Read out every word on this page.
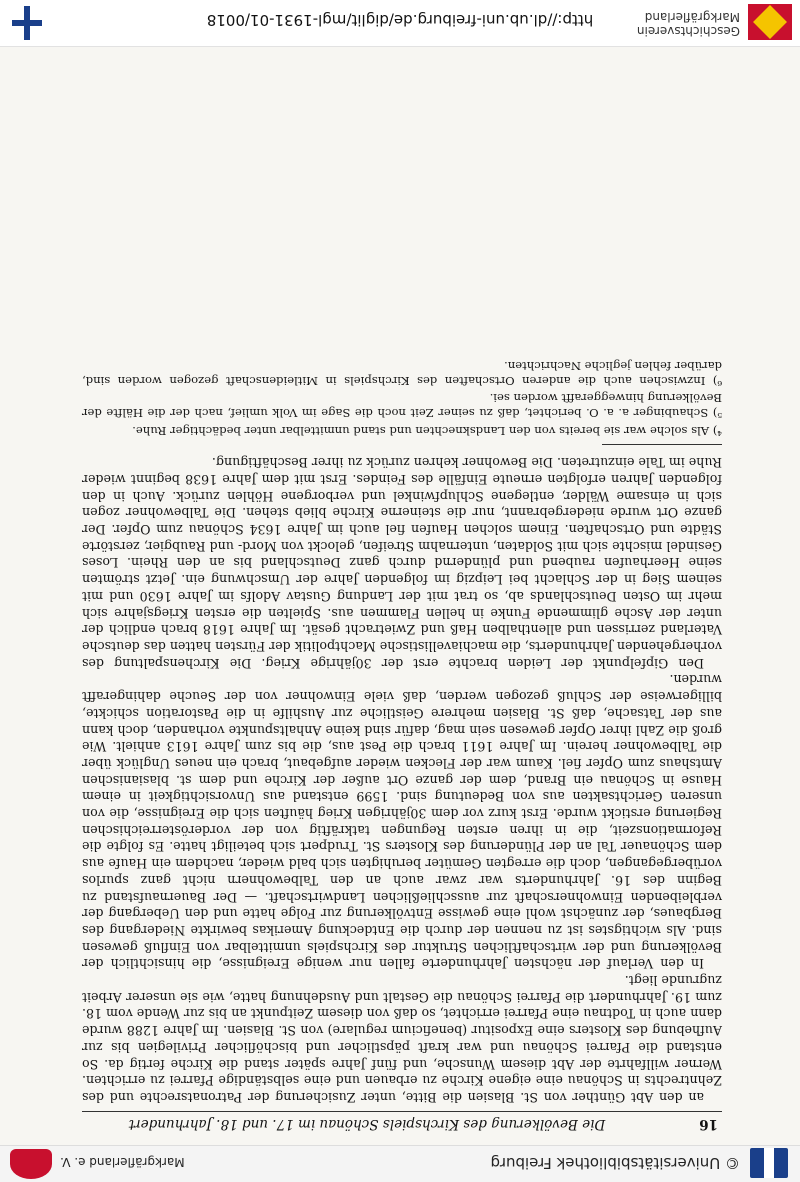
© Universitätsbibliothek Freiburg
Markgräflerland e. V.
16
Die Bevölkerung des Kirchspiels Schönau im 17. und 18. Jahrhundert

an den Abt Günther von St. Blasien die Bitte, unter Zusicherung der Patronatsrechte und des Zehntrechts in Schönau eine eigene Kirche zu erbauen und eine selbständige Pfarrei zu errichten. Werner willfahrte der Abt diesem Wunsche, und fünf Jahre später stand die Kirche fertig da. So entstand die Pfarrei Schönau und war kraft päpstlicher und bischöflicher Privilegien bis zur Aufhebung des Klosters eine Expositur (beneficium regulare) von St. Blasien. Im Jahre 1288 wurde dann auch in Todtnau eine Pfarrei errichtet, so daß von diesem Zeitpunkt an bis zur Wende vom 18. zum 19. Jahrhundert die Pfarrei Schönau die Gestalt und Ausdehnung hatte, wie sie unserer Arbeit zugrunde liegt.

In den Verlauf der nächsten Jahrhunderte fallen nur wenige Ereignisse, die hinsichtlich der Bevölkerung und der wirtschaftlichen Struktur des Kirchspiels unmittelbar von Einfluß gewesen sind. Als wichtigstes ist zu nennen der durch die Entdeckung Amerikas bewirkte Niedergang des Bergbaues, der zunächst wohl eine gewisse Entvölkerung zur Folge hatte und den Uebergang der verbleibenden Einwohnerschaft zur ausschließlichen Landwirtschaft. — Der Bauernaufstand zu Beginn des 16. Jahrhunderts war zwar auch an den Talbewohnern nicht ganz spurlos vorübergegangen, doch die erregten Gemüter beruhigten sich bald wieder, nachdem ein Haufe aus dem Schönauer Tal an der Plünderung des Klosters St. Trudpert sich beteiligt hatte. Es folgte die Reformationszeit, die in ihren ersten Regungen tatkräftig von der vorderösterreichischen Regierung erstickt wurde. Erst kurz vor dem 30jährigen Krieg häuften sich die Ereignisse, die von unseren Gerichtsakten aus von Bedeutung sind. 1599 entstand aus Unvorsichtigkeit in einem Hause in Schönau ein Brand, dem der ganze Ort außer der Kirche und dem st. blasianischen Amtshaus zum Opfer fiel. Kaum war der Flecken wieder aufgebaut, brach ein neues Unglück über die Talbewohner herein. Im Jahre 1611 brach die Pest aus, die bis zum Jahre 1613 anhielt. Wie groß die Zahl ihrer Opfer gewesen sein mag, dafür sind keine Anhaltspunkte vorhanden, doch kann aus der Tatsache, daß St. Blasien mehrere Geistliche zur Aushilfe in die Pastoration schickte, billigerweise der Schluß gezogen werden, daß viele Einwohner von der Seuche dahingerafft wurden.

Den Gipfelpunkt der Leiden brachte erst der 30jährige Krieg. Die Kirchenspaltung des vorhergehenden Jahrhunderts, die machiavellistische Machtpolitik der Fürsten hatten das deutsche Vaterland zerrissen und allenthalben Haß und Zwietracht gesät. Im Jahre 1618 brach endlich der unter der Asche glimmende Funke in hellen Flammen aus. Spielten die ersten Kriegsjahre sich mehr im Osten Deutschlands ab, so trat mit der Landung Gustav Adolfs im Jahre 1630 und mit seinem Sieg in der Schlacht bei Leipzig im folgenden Jahre der Umschwung ein. Jetzt strömten seine Heerhaufen raubend und plündernd durch ganz Deutschland bis an den Rhein. Loses Gesindel mischte sich mit Soldaten, unternahm Streifen, gelockt von Mord- und Raubgier, zerstörte Städte und Ortschaften. Einem solchen Haufen fiel auch im Jahre 1634 Schönau zum Opfer. Der ganze Ort wurde niedergebrannt, nur die steinerne Kirche blieb stehen. Die Talbewohner zogen sich in einsame Wälder, entlegene Schlupfwinkel und verborgene Höhlen zurück. Auch in den folgenden Jahren erfolgten erneute Einfälle des Feindes. Erst mit dem Jahre 1638 beginnt wieder Ruhe im Tale einzutreten. Die Bewohner kehren zurück zu ihrer Beschäftigung.

⁴) Als solche war sie bereits von den Landsknechten und stand unmittelbar unter bedächtiger Ruhe.

⁵) Schaubinger a. a. O. berichtet, daß zu seiner Zeit noch die Sage im Volk umlief, nach der die Hälfte der Bevölkerung hinweggerafft worden sei.

⁶) Inzwischen auch die anderen Ortschaften des Kirchspiels in Mitleidenschaft gezogen worden sind, darüber fehlen jegliche Nachrichten.

Geschichtsverein Markgräflerland
http://dl.ub.uni-freiburg.de/diglit/mgl-1931-01/0018
